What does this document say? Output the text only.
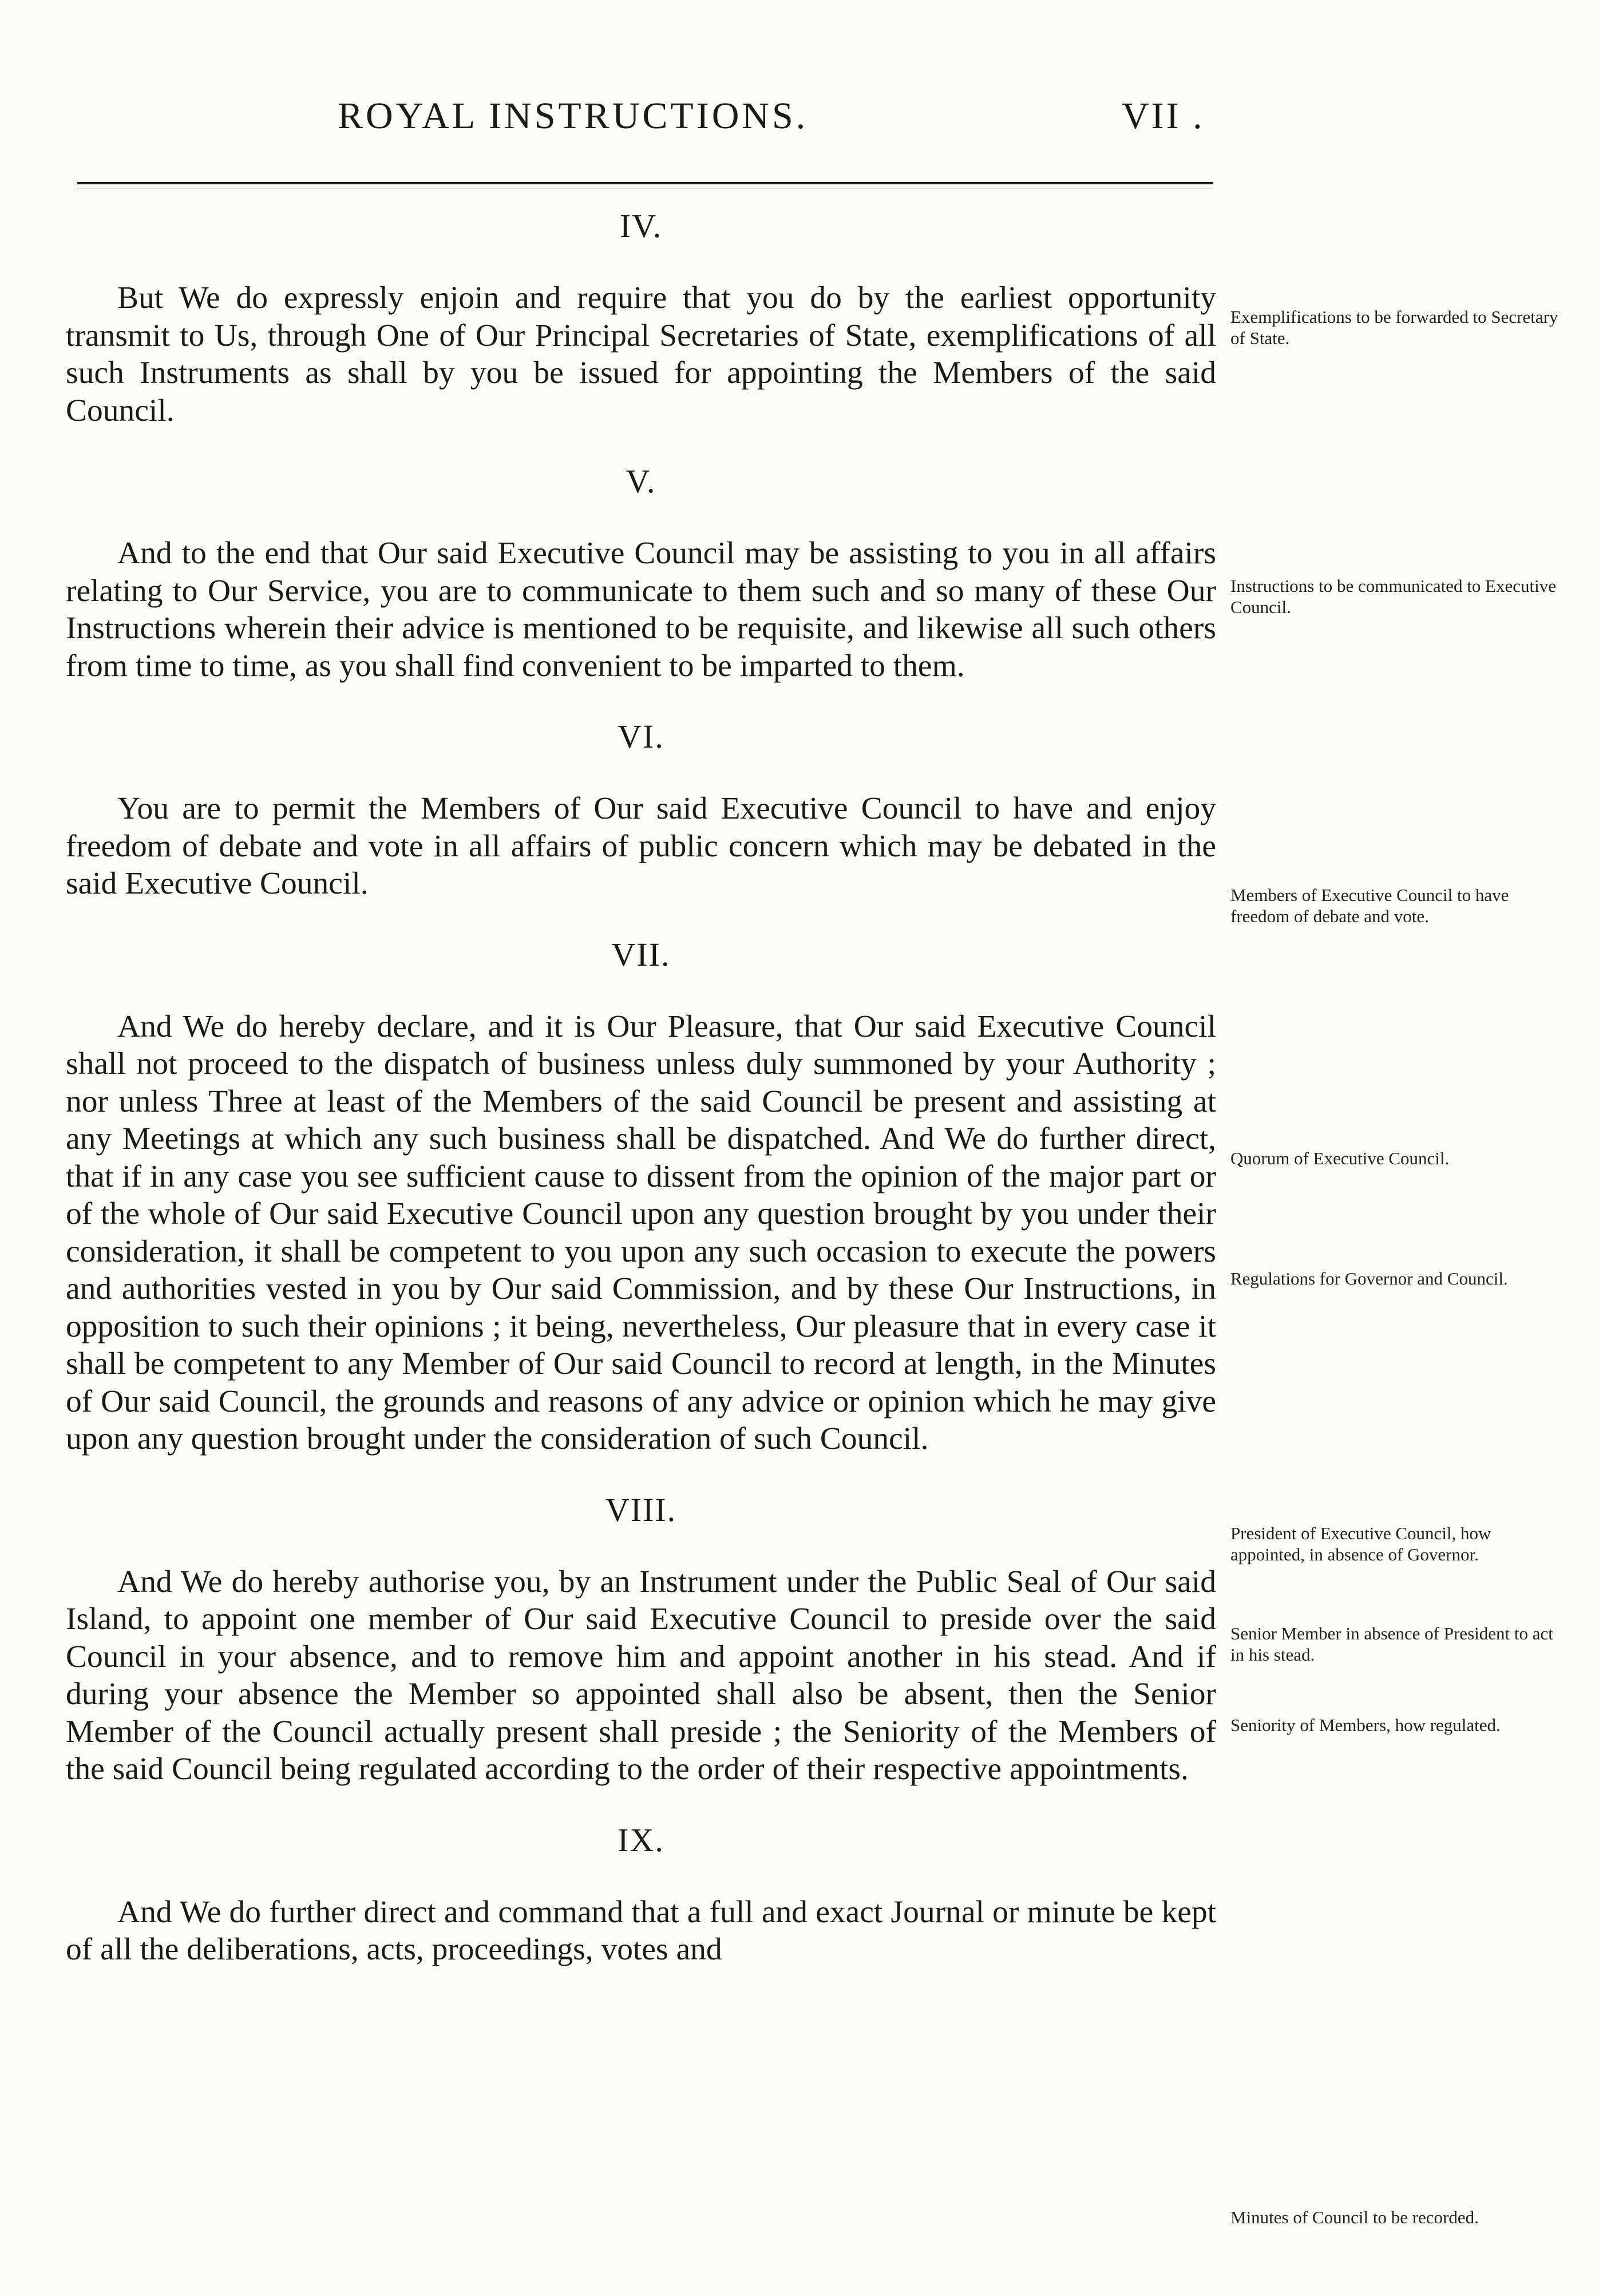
ROYAL INSTRUCTIONS.	VII .
IV.

But We do expressly enjoin and require that you do by the earliest opportunity transmit to Us, through One of Our Principal Secretaries of State, exemplifications of all such Instruments as shall by you be issued for appointing the Members of the said Council.

V.

And to the end that Our said Executive Council may be assisting to you in all affairs relating to Our Service, you are to communicate to them such and so many of these Our Instructions wherein their advice is mentioned to be requisite, and likewise all such others from time to time, as you shall find convenient to be imparted to them.

VI.

You are to permit the Members of Our said Executive Council to have and enjoy freedom of debate and vote in all affairs of public concern which may be debated in the said Executive Council.

VII.

And We do hereby declare, and it is Our Pleasure, that Our said Executive Council shall not proceed to the dispatch of business unless duly summoned by your Authority ; nor unless Three at least of the Members of the said Council be present and assisting at any Meetings at which any such business shall be dispatched. And We do further direct, that if in any case you see sufficient cause to dissent from the opinion of the major part or of the whole of Our said Executive Council upon any question brought by you under their consideration, it shall be competent to you upon any such occasion to execute the powers and authorities vested in you by Our said Commission, and by these Our Instructions, in opposition to such their opinions ; it being, nevertheless, Our pleasure that in every case it shall be competent to any Member of Our said Council to record at length, in the Minutes of Our said Council, the grounds and reasons of any advice or opinion which he may give upon any question brought under the consideration of such Council.

VIII.

And We do hereby authorise you, by an Instrument under the Public Seal of Our said Island, to appoint one member of Our said Executive Council to preside over the said Council in your absence, and to remove him and appoint another in his stead. And if during your absence the Member so appointed shall also be absent, then the Senior Member of the Council actually present shall preside ; the Seniority of the Members of the said Council being regulated according to the order of their respective appointments.

IX.

And We do further direct and command that a full and exact Journal or minute be kept of all the deliberations, acts, proceedings, votes and

Exemplifications to be forwarded to Secretary of State.
Instructions to be communicated to Executive Council.
Members of Executive Council to have freedom of debate and vote.
Quorum of Executive Council.
Regulations for Governor and Council.
President of Executive Council, how appointed, in absence of Governor.
Senior Member in absence of President to act in his stead.
Seniority of Members, how regulated.
Minutes of Council to be recorded.
